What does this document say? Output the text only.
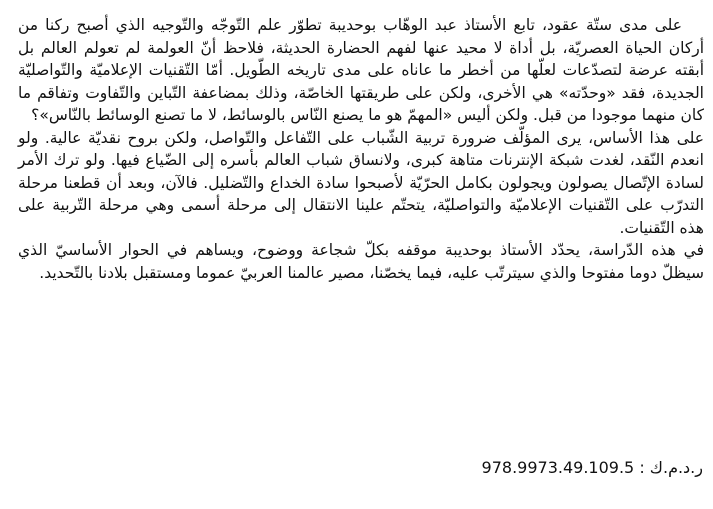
على مدى ستّة عقود، تابع الأستاذ عبد الوهّاب بوحديبة تطوّر علم التّوجّه والتّوجيه الذي أصبح ركنا من أركان الحياة العصريّة، بل أداة لا محيد عنها لفهم الحضارة الحديثة، فلاحظ أنّ العولمة لم تعولم العالم بل أبقته عرضة لتصدّعات لعلّها من أخطر ما عاناه على مدى تاريخه الطّويل. أمّا التّقنيات الإعلاميّة والتّواصليّة الجديدة، فقد «وحدّته» هي الأخرى، ولكن على طريقتها الخاصّة، وذلك بمضاعفة التّباين والتّفاوت وتفاقم ما كان منهما موجودا من قبل. ولكن أليس «المهمّ هو ما يصنع النّاس بالوسائط، لا ما تصنع الوسائط بالنّاس»؟

على هذا الأساس، يرى المؤلّف ضرورة تربية الشّباب على التّفاعل والتّواصل، ولكن بروح نقديّة عالية. ولو انعدم النّقد، لغدت شبكة الإنترنات متاهة كبرى، ولانساق شباب العالم بأسره إلى الضّياع فيها. ولو ترك الأمر لسادة الإتّصال يصولون ويجولون بكامل الحرّيّة لأصبحوا سادة الخداع والتّضليل. فالآن، وبعد أن قطعنا مرحلة التدرّب على التّقنيات الإعلاميّة والتواصليّة، يتحتّم علينا الانتقال إلى مرحلة أسمى وهي مرحلة التّربية على هذه التّقنيات.

في هذه الدّراسة، يحدّد الأستاذ بوحديبة موقفه بكلّ شجاعة ووضوح، ويساهم في الحوار الأساسيّ الذي سيظلّ دوما مفتوحا والذي سيترتّب عليه، فيما يخصّنا، مصير عالمنا العربيّ عموما ومستقبل بلادنا بالتّحديد.

ر.د.م.ك : 978.9973.49.109.5
